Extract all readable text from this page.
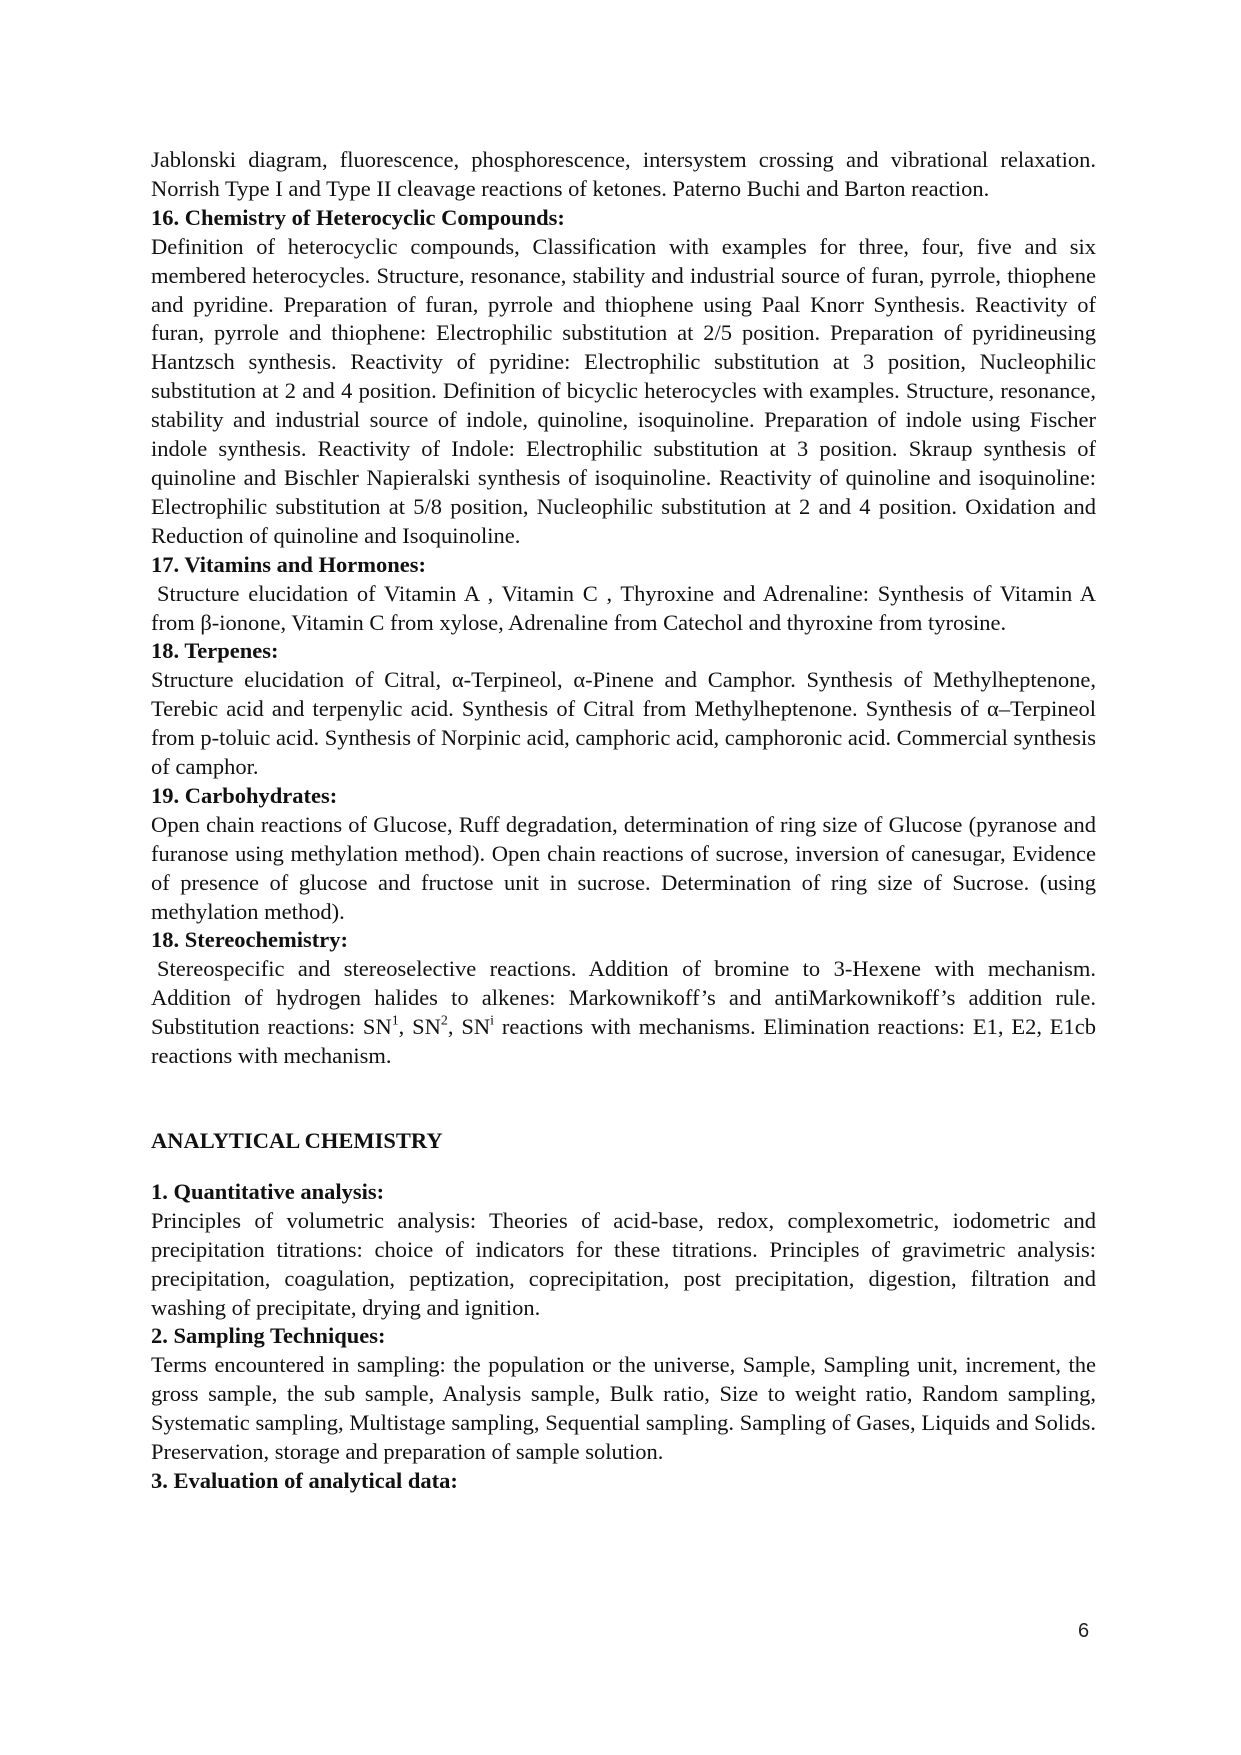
Jablonski diagram, fluorescence, phosphorescence, intersystem crossing and vibrational relaxation. Norrish Type I and Type II cleavage reactions of ketones. Paterno Buchi and Barton reaction.

16. Chemistry of Heterocyclic Compounds:

Definition of heterocyclic compounds, Classification with examples for three, four, five and six membered heterocycles. Structure, resonance, stability and industrial source of furan, pyrrole, thiophene and pyridine. Preparation of furan, pyrrole and thiophene using Paal Knorr Synthesis. Reactivity of furan, pyrrole and thiophene: Electrophilic substitution at 2/5 position. Preparation of pyridineusing Hantzsch synthesis. Reactivity of pyridine: Electrophilic substitution at 3 position, Nucleophilic substitution at 2 and 4 position. Definition of bicyclic heterocycles with examples. Structure, resonance, stability and industrial source of indole, quinoline, isoquinoline. Preparation of indole using Fischer indole synthesis. Reactivity of Indole: Electrophilic substitution at 3 position. Skraup synthesis of quinoline and Bischler Napieralski synthesis of isoquinoline. Reactivity of quinoline and isoquinoline: Electrophilic substitution at 5/8 position, Nucleophilic substitution at 2 and 4 position. Oxidation and Reduction of quinoline and Isoquinoline.

17. Vitamins and Hormones:

Structure elucidation of Vitamin A , Vitamin C , Thyroxine and Adrenaline: Synthesis of Vitamin A from β-ionone, Vitamin C from xylose, Adrenaline from Catechol and thyroxine from tyrosine.

18. Terpenes:

Structure elucidation of Citral, α-Terpineol, α-Pinene and Camphor. Synthesis of Methylheptenone, Terebic acid and terpenylic acid. Synthesis of Citral from Methylheptenone. Synthesis of α–Terpineol from p-toluic acid. Synthesis of Norpinic acid, camphoric acid, camphoronic acid. Commercial synthesis of camphor.

19. Carbohydrates:

Open chain reactions of Glucose, Ruff degradation, determination of ring size of Glucose (pyranose and furanose using methylation method). Open chain reactions of sucrose, inversion of canesugar, Evidence of presence of glucose and fructose unit in sucrose. Determination of ring size of Sucrose. (using methylation method).

18. Stereochemistry:

Stereospecific and stereoselective reactions. Addition of bromine to 3-Hexene with mechanism. Addition of hydrogen halides to alkenes: Markownikoff’s and antiMarkownikoff’s addition rule. Substitution reactions: $SN^1$, $SN^2$, $SN^i$ reactions with mechanisms. Elimination reactions: E1, E2, E1cb reactions with mechanism.

ANALYTICAL CHEMISTRY

1. Quantitative analysis:

Principles of volumetric analysis: Theories of acid-base, redox, complexometric, iodometric and precipitation titrations: choice of indicators for these titrations. Principles of gravimetric analysis: precipitation, coagulation, peptization, coprecipitation, post precipitation, digestion, filtration and washing of precipitate, drying and ignition.

2. Sampling Techniques:

Terms encountered in sampling: the population or the universe, Sample, Sampling unit, increment, the gross sample, the sub sample, Analysis sample, Bulk ratio, Size to weight ratio, Random sampling, Systematic sampling, Multistage sampling, Sequential sampling. Sampling of Gases, Liquids and Solids. Preservation, storage and preparation of sample solution.

3. Evaluation of analytical data:

6
